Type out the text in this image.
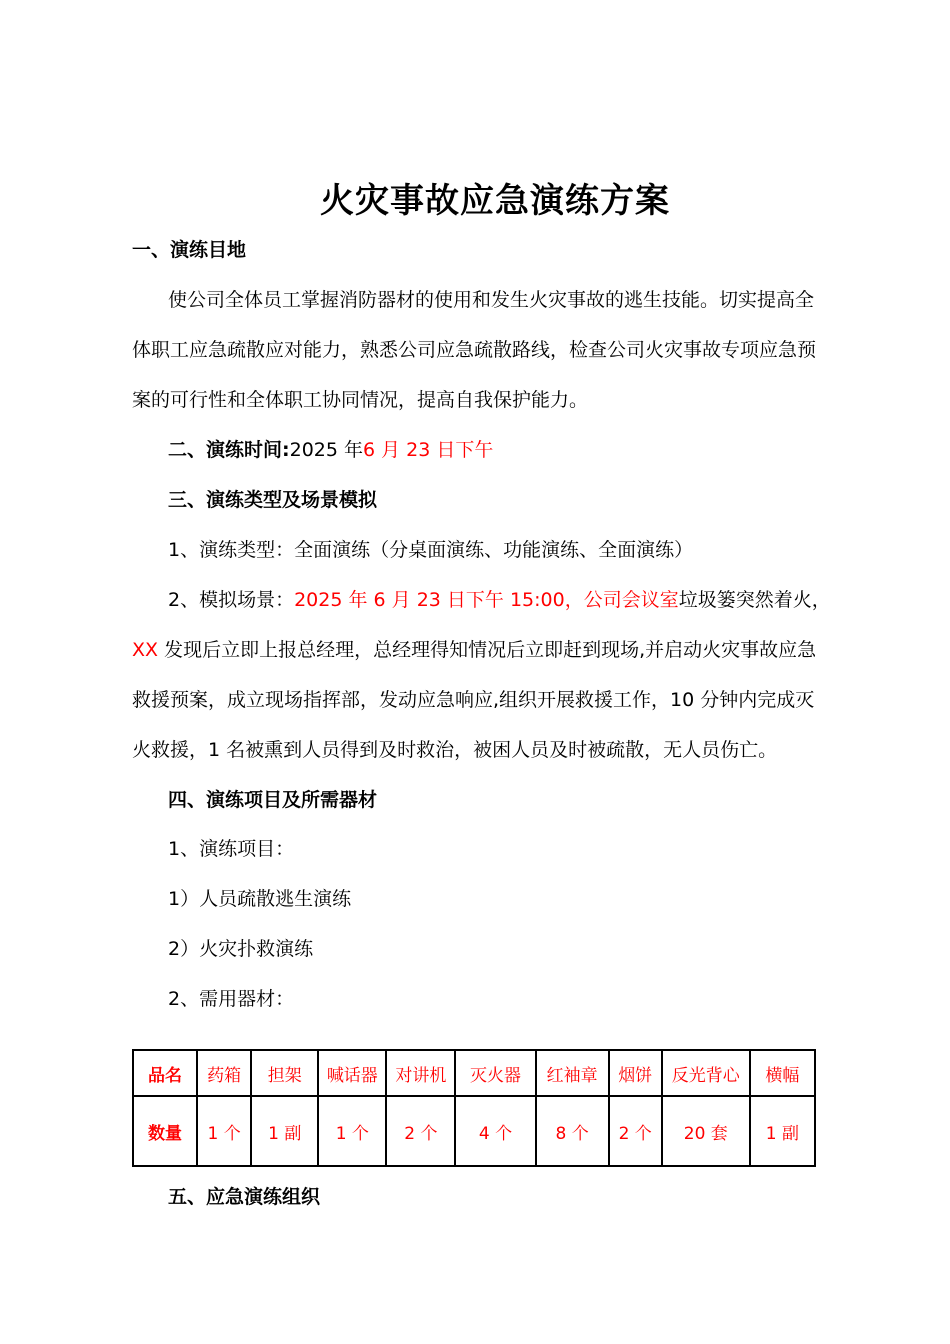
火灾事故应急演练方案
一、演练目地
使公司全体员工掌握消防器材的使用和发生火灾事故的逃生技能。切实提高全
体职工应急疏散应对能力，熟悉公司应急疏散路线，检查公司火灾事故专项应急预
案的可行性和全体职工协同情况，提高自我保护能力。
二、演练时间:2025 年6 月 23 日下午
三、演练类型及场景模拟
1、演练类型：全面演练（分桌面演练、功能演练、全面演练）
2、模拟场景：2025 年 6 月 23 日下午 15:00，公司会议室垃圾篓突然着火，
XX 发现后立即上报总经理，总经理得知情况后立即赶到现场,并启动火灾事故应急
救援预案，成立现场指挥部，发动应急响应,组织开展救援工作，10 分钟内完成灭
火救援，1 名被熏到人员得到及时救治，被困人员及时被疏散，无人员伤亡。
四、演练项目及所需器材
1、演练项目：
1）人员疏散逃生演练
2）火灾扑救演练
2、需用器材：
品名	药箱	担架	喊话器	对讲机	灭火器	红袖章	烟饼	反光背心	横幅
数量	1 个	1 副	1 个	2 个	4 个	8 个	2 个	20 套	1 副
五、应急演练组织
